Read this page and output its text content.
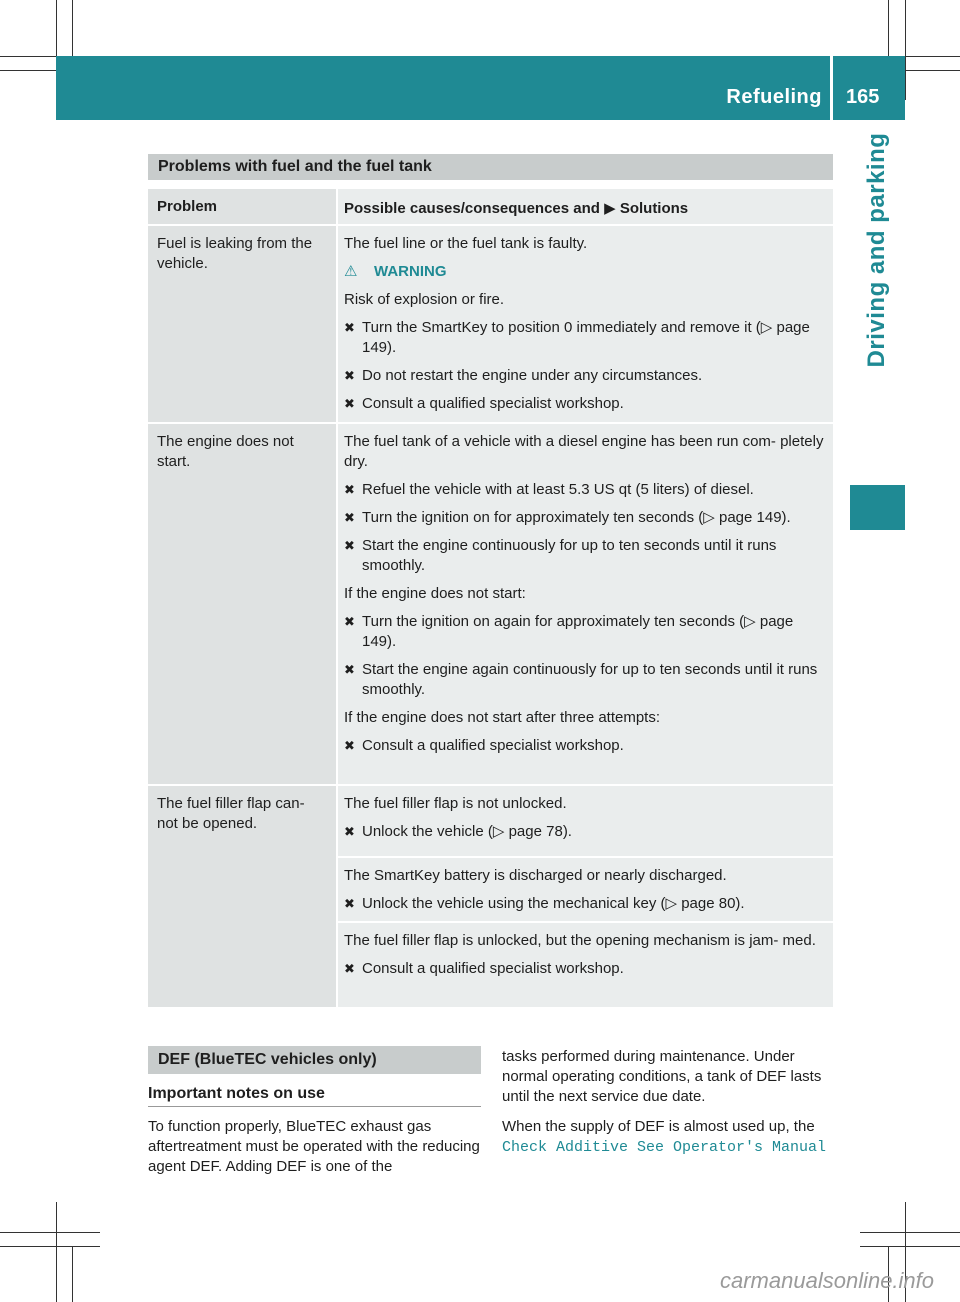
Refueling 165
Driving and parking
Problems with fuel and the fuel tank
Problem	Possible causes/consequences and ▶ Solutions
Fuel is leaking from the vehicle.
The fuel line or the fuel tank is faulty.
⚠ WARNING
Risk of explosion or fire.
✖ Turn the SmartKey to position 0 immediately and remove it (▷ page 149).
✖ Do not restart the engine under any circumstances.
✖ Consult a qualified specialist workshop.
The engine does not start.
The fuel tank of a vehicle with a diesel engine has been run com- pletely dry.
✖ Refuel the vehicle with at least 5.3 US qt (5 liters) of diesel.
✖ Turn the ignition on for approximately ten seconds (▷ page 149).
✖ Start the engine continuously for up to ten seconds until it runs smoothly.
If the engine does not start:
✖ Turn the ignition on again for approximately ten seconds (▷ page 149).
✖ Start the engine again continuously for up to ten seconds until it runs smoothly.
If the engine does not start after three attempts:
✖ Consult a qualified specialist workshop.
The fuel filler flap can- not be opened.
The fuel filler flap is not unlocked.
✖ Unlock the vehicle (▷ page 78).
The SmartKey battery is discharged or nearly discharged.
✖ Unlock the vehicle using the mechanical key (▷ page 80).
The fuel filler flap is unlocked, but the opening mechanism is jam- med.
✖ Consult a qualified specialist workshop.
DEF (BlueTEC vehicles only)
Important notes on use
To function properly, BlueTEC exhaust gas aftertreatment must be operated with the reducing agent DEF. Adding DEF is one of the
tasks performed during maintenance. Under normal operating conditions, a tank of DEF lasts until the next service due date.
When the supply of DEF is almost used up, the
Check Additive See Operator's Manual
carmanualsonline.info
